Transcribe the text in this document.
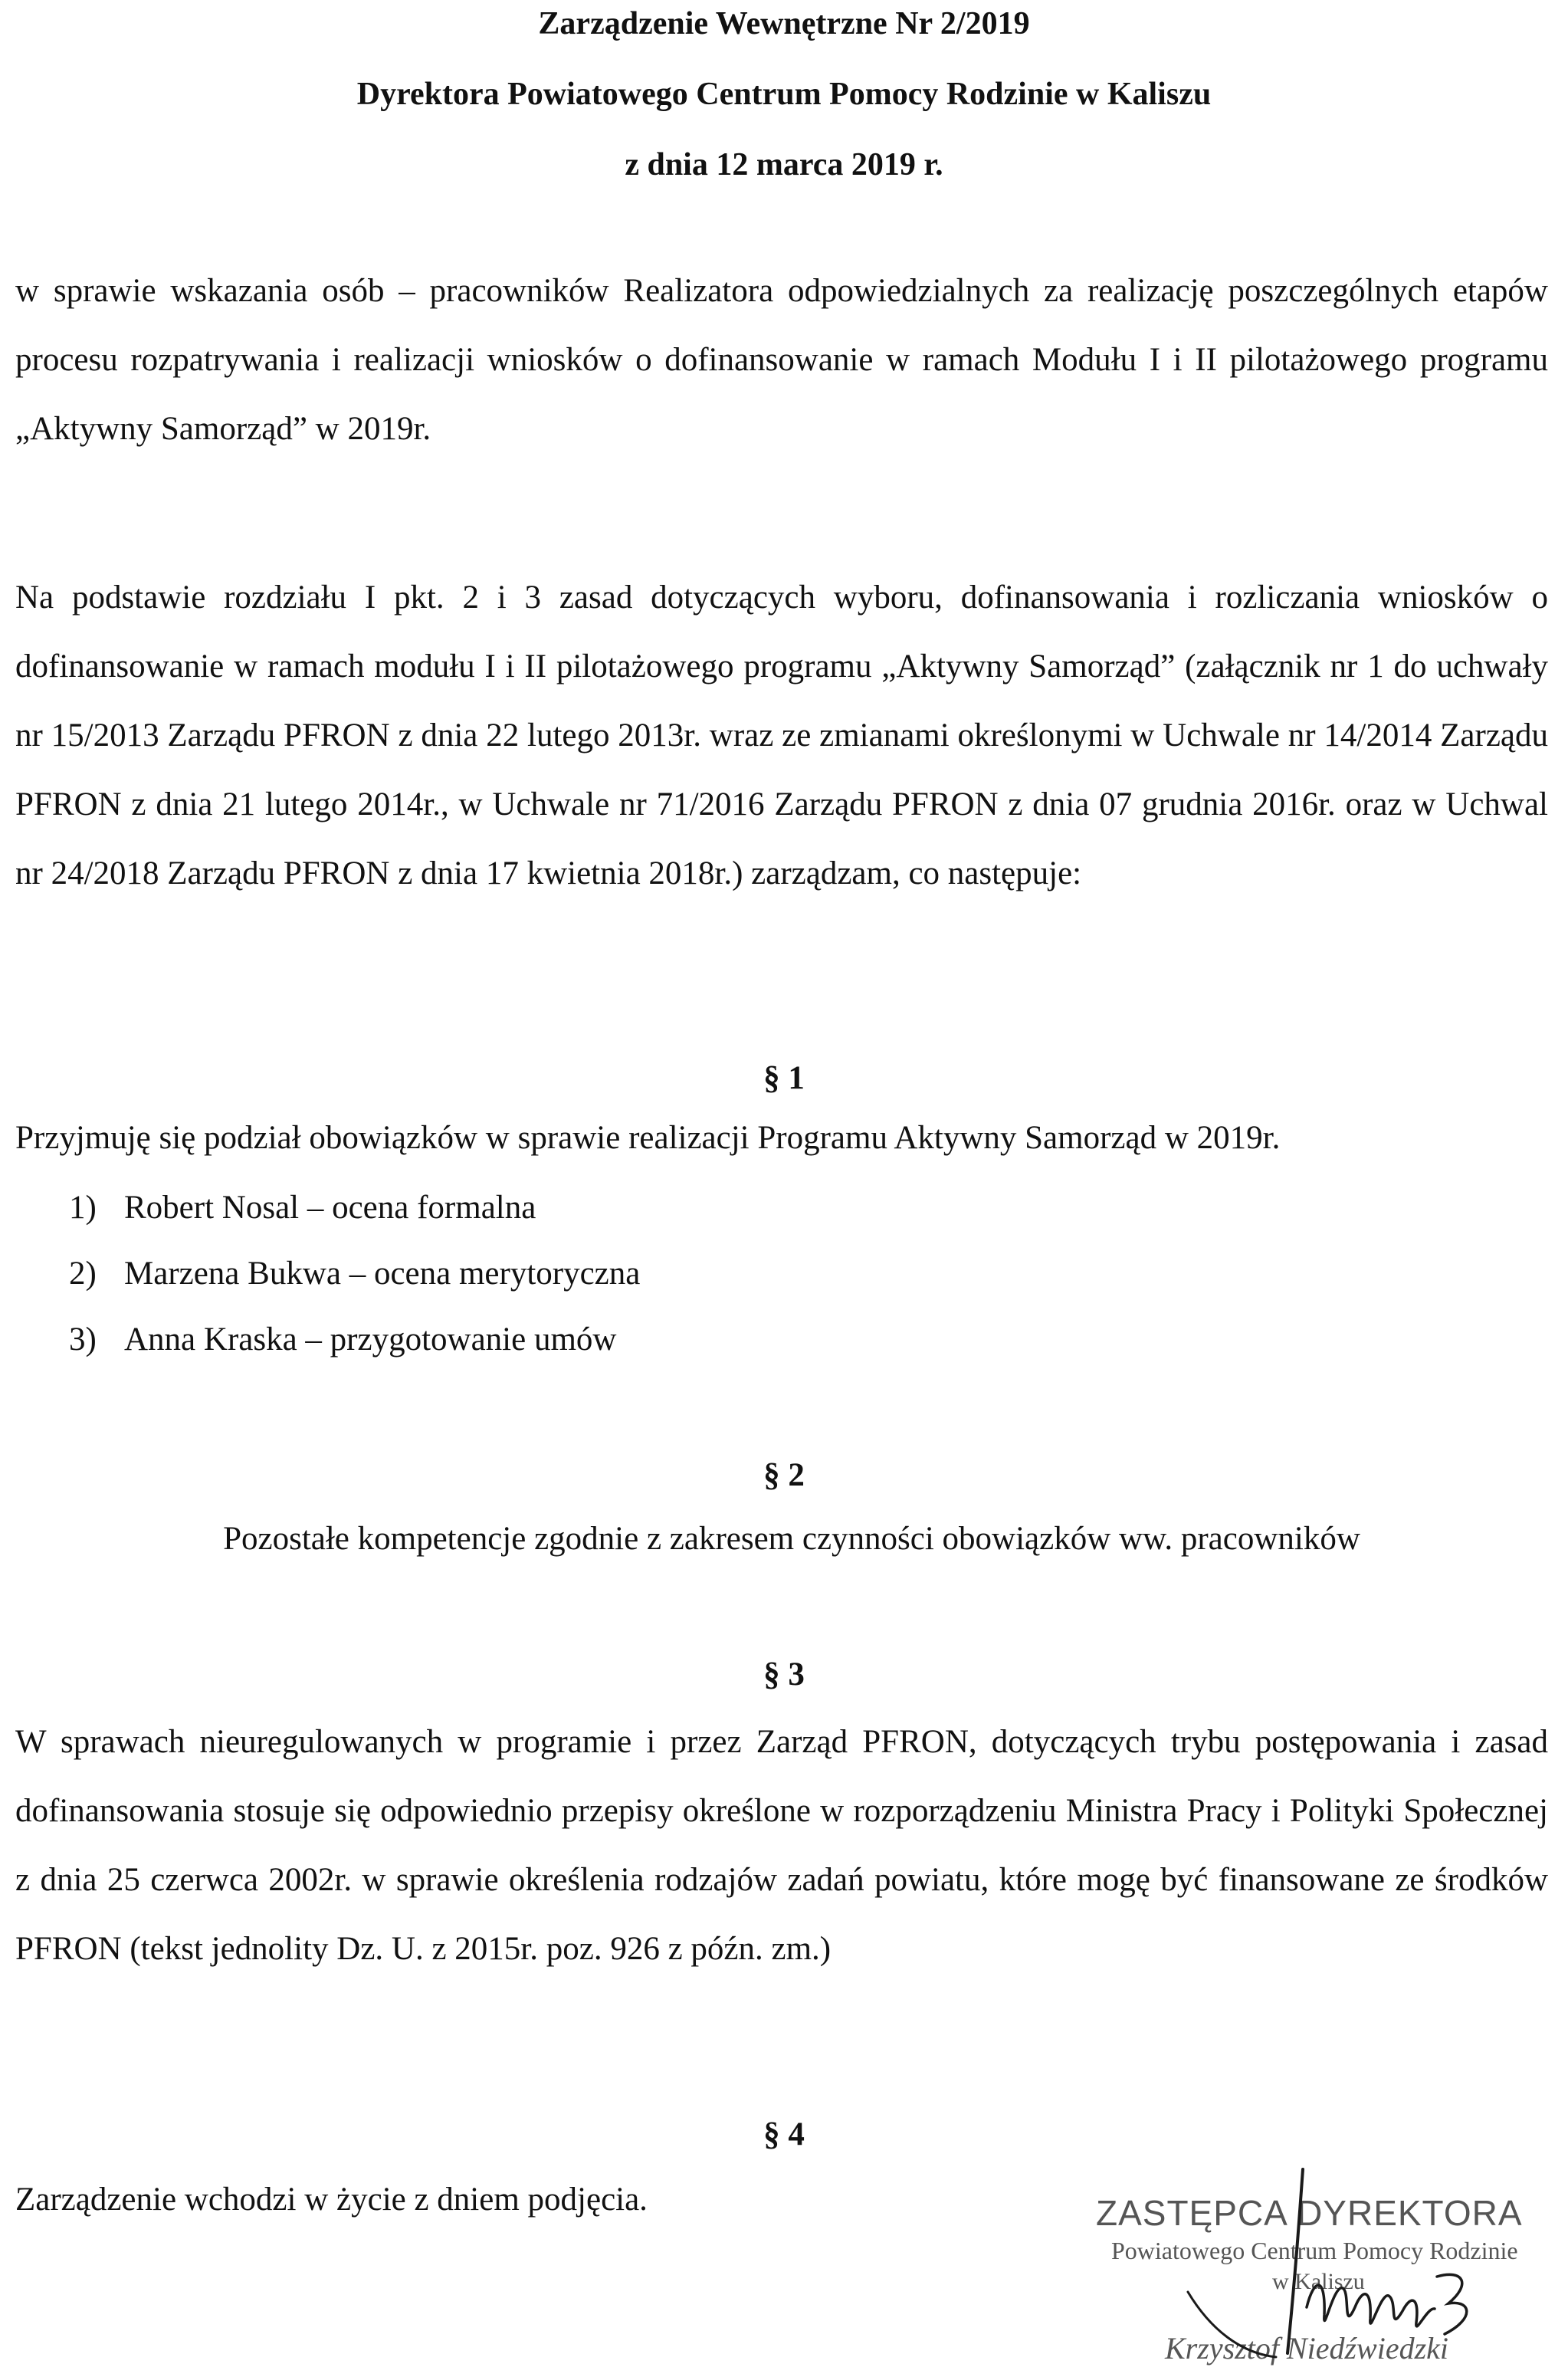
Zarządzenie Wewnętrzne Nr 2/2019
Dyrektora Powiatowego Centrum Pomocy Rodzinie w Kaliszu
z dnia 12 marca 2019 r.
w sprawie wskazania osób – pracowników Realizatora odpowiedzialnych za realizację poszczególnych etapów procesu rozpatrywania i realizacji wniosków o dofinansowanie w ramach Modułu I i II pilotażowego programu „Aktywny Samorząd” w 2019r.
Na podstawie rozdziału I pkt. 2 i 3 zasad dotyczących wyboru, dofinansowania i rozliczania wniosków o dofinansowanie w ramach modułu I i II pilotażowego programu „Aktywny Samorząd” (załącznik nr 1 do uchwały nr 15/2013 Zarządu PFRON z dnia 22 lutego 2013r. wraz ze zmianami określonymi w Uchwale nr 14/2014 Zarządu PFRON z dnia 21 lutego 2014r., w Uchwale nr 71/2016 Zarządu PFRON z dnia 07 grudnia 2016r. oraz w Uchwal nr 24/2018 Zarządu PFRON z dnia 17 kwietnia 2018r.) zarządzam, co następuje:
§ 1
Przyjmuję się podział obowiązków w sprawie realizacji Programu Aktywny Samorząd w 2019r.
1) Robert Nosal – ocena formalna
2) Marzena Bukwa – ocena merytoryczna
3) Anna Kraska – przygotowanie umów
§ 2
Pozostałe kompetencje zgodnie z zakresem czynności obowiązków ww. pracowników
§ 3
W sprawach nieuregulowanych w programie i przez Zarząd PFRON, dotyczących trybu postępowania i zasad dofinansowania stosuje się odpowiednio przepisy określone w rozporządzeniu Ministra Pracy i Polityki Społecznej z dnia 25 czerwca 2002r. w sprawie określenia rodzajów zadań powiatu, które mogę być finansowane ze środków PFRON (tekst jednolity Dz. U. z 2015r. poz. 926 z późn. zm.)
§ 4
Zarządzenie wchodzi w życie z dniem podjęcia.	ZASTĘPCA DYREKTORA
Powiatowego Centrum Pomocy Rodzinie
w Kaliszu
Krzysztof Niedźwiedzki
